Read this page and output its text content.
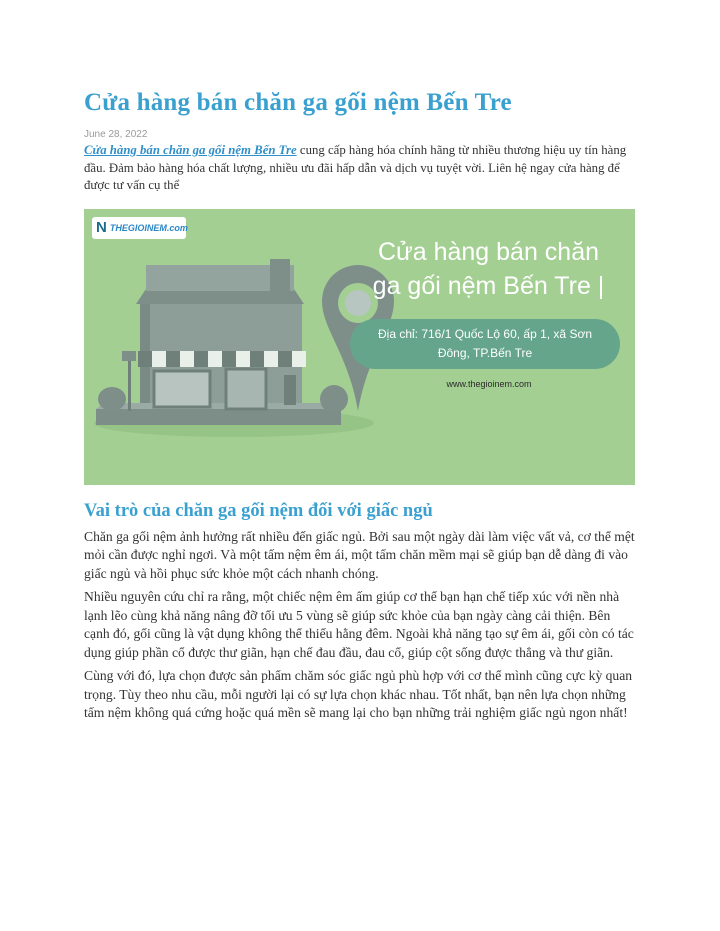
Cửa hàng bán chăn ga gối nệm Bến Tre
June 28, 2022
Cửa hàng bán chăn ga gối nệm Bến Tre cung cấp hàng hóa chính hãng từ nhiều thương hiệu uy tín hàng đầu. Đảm bảo hàng hóa chất lượng, nhiều ưu đãi hấp dẫn và dịch vụ tuyệt vời. Liên hệ ngay cửa hàng để được tư vấn cụ thể
N THEGIOINEM.com
Cửa hàng bán chăn
ga gối nệm Bến Tre |
Địa chỉ: 716/1 Quốc Lộ 60, ấp 1, xã Sơn
Đông, TP.Bến Tre
www.thegioinem.com
Vai trò của chăn ga gối nệm đối với giấc ngủ

Chăn ga gối nệm ảnh hưởng rất nhiều đến giấc ngủ. Bởi sau một ngày dài làm việc vất vả, cơ thể mệt mỏi cần được nghỉ ngơi. Và một tấm nệm êm ái, một tấm chăn mềm mại sẽ giúp bạn dễ dàng đi vào giấc ngủ và hồi phục sức khỏe một cách nhanh chóng.

Nhiều nguyên cứu chỉ ra rằng, một chiếc nệm êm ấm giúp cơ thể bạn hạn chế tiếp xúc với nền nhà lạnh lẽo cùng khả năng nâng đỡ tối ưu 5 vùng sẽ giúp sức khỏe của bạn ngày càng cải thiện. Bên cạnh đó, gối cũng là vật dụng không thể thiếu hằng đêm. Ngoài khả năng tạo sự êm ái, gối còn có tác dụng giúp phần cổ được thư giãn, hạn chế đau đầu, đau cổ, giúp cột sống được thẳng và thư giãn.

Cùng với đó, lựa chọn được sản phẩm chăm sóc giấc ngủ phù hợp với cơ thể mình cũng cực kỳ quan trọng. Tùy theo nhu cầu, mỗi người lại có sự lựa chọn khác nhau. Tốt nhất, bạn nên lựa chọn những tấm nệm không quá cứng hoặc quá mền sẽ mang lại cho bạn những trải nghiệm giấc ngủ ngon nhất!
